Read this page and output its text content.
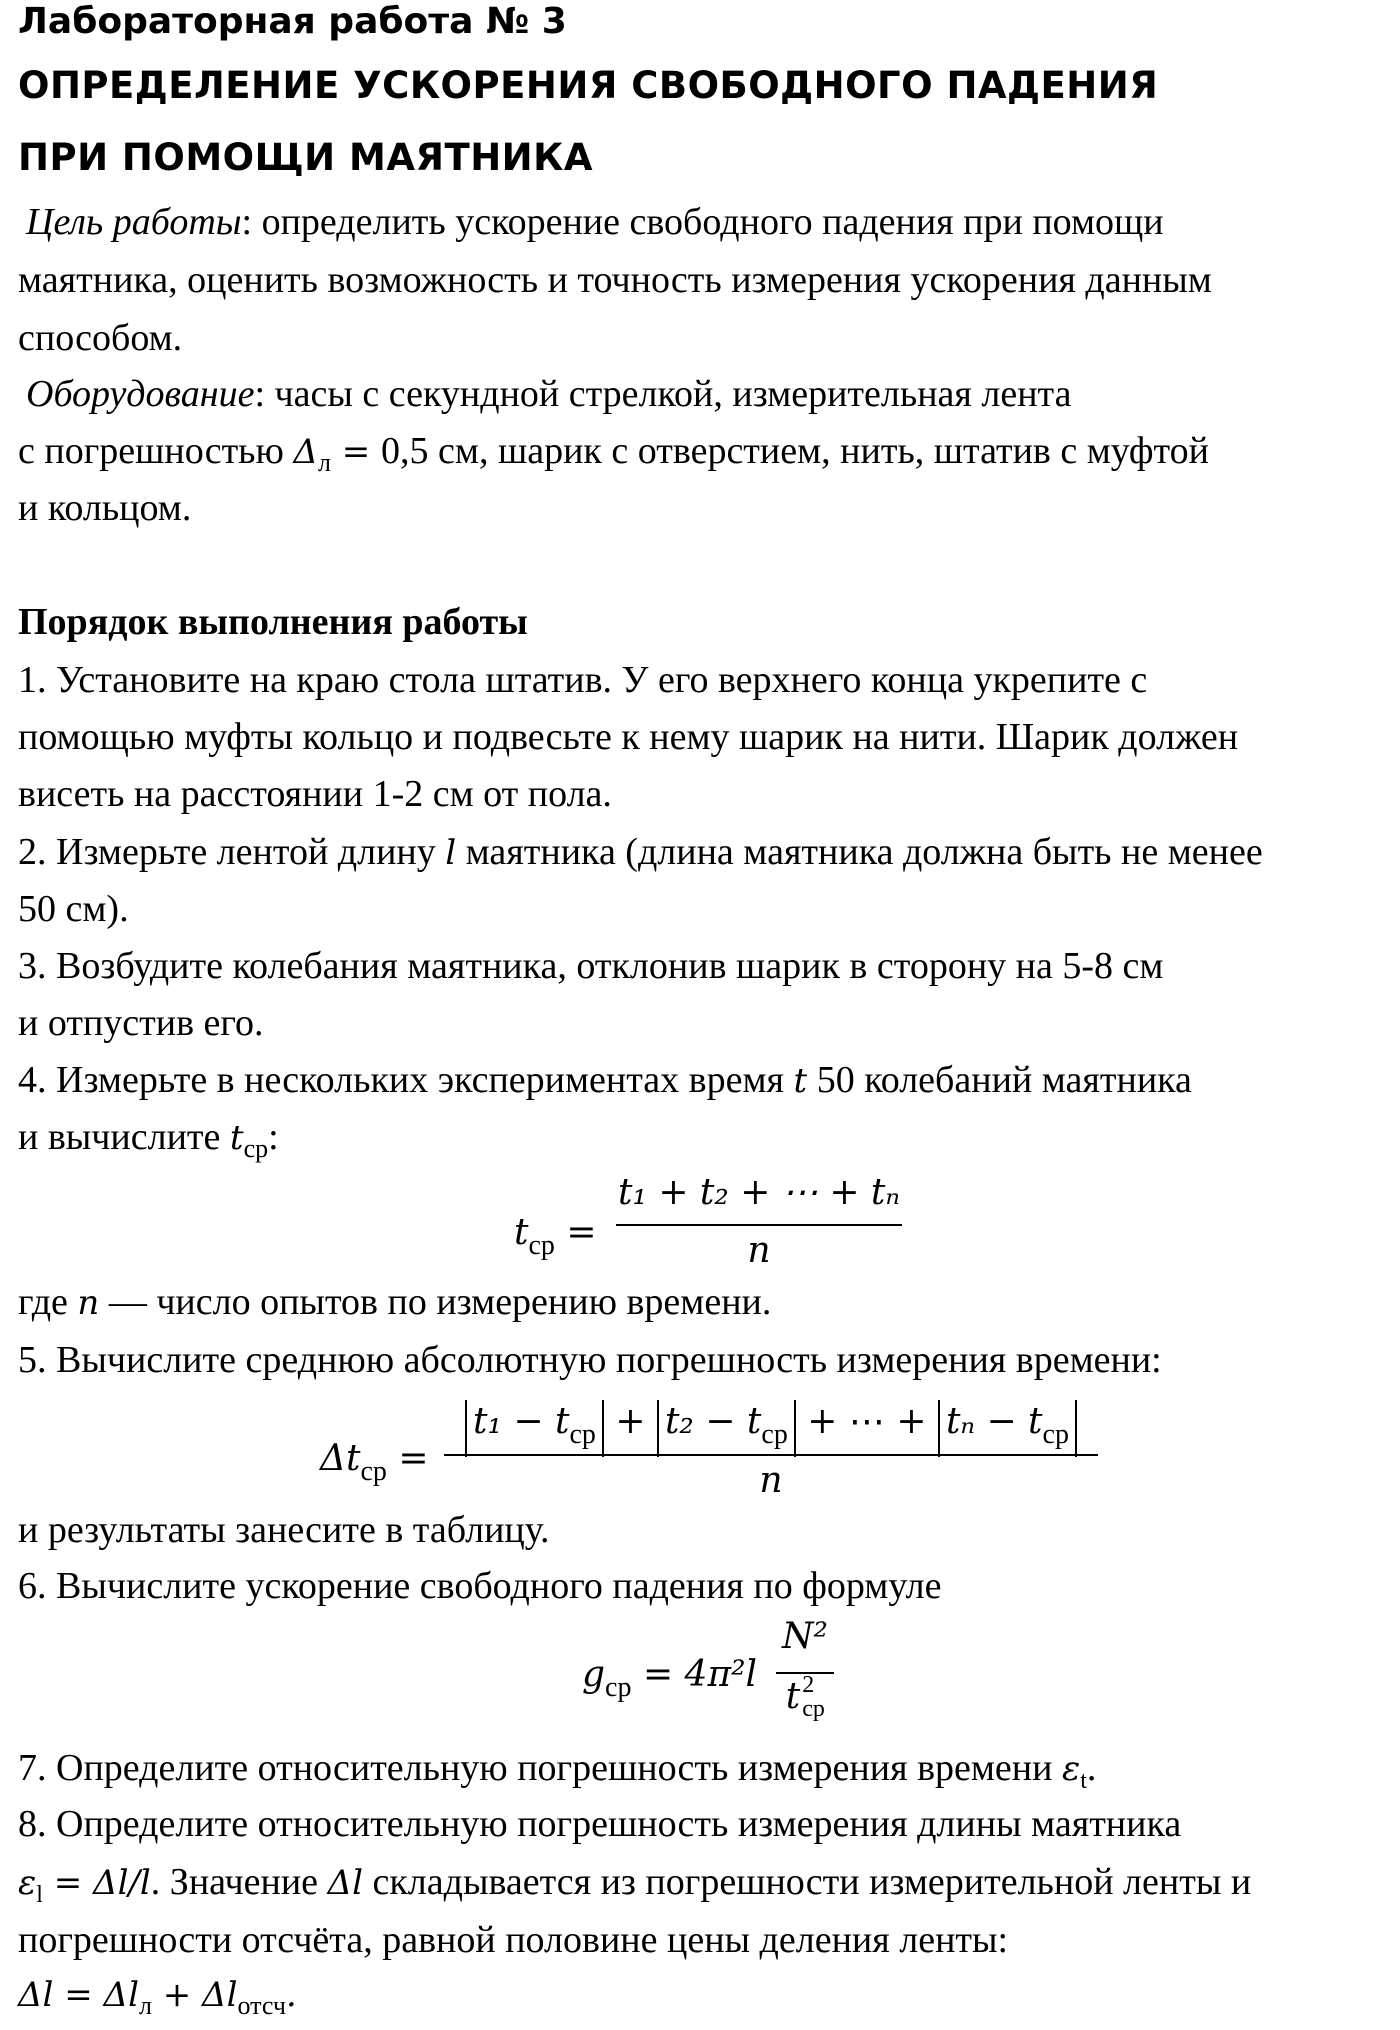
Лабораторная работа № 3
ОПРЕДЕЛЕНИЕ УСКОРЕНИЯ СВОБОДНОГО ПАДЕНИЯ
ПРИ ПОМОЩИ МАЯТНИКА
Цель работы: определить ускорение свободного падения при помощи
маятника, оценить возможность и точность измерения ускорения данным
способом.
Оборудование: часы с секундной стрелкой, измерительная лента
с погрешностью $\Delta_л = 0,5$ см, шарик с отверстием, нить, штатив с муфтой
и кольцом.
Порядок выполнения работы
1. Установите на краю стола штатив. У его верхнего конца укрепите с
помощью муфты кольцо и подвесьте к нему шарик на нити. Шарик должен
висеть на расстоянии 1-2 см от пола.
2. Измерьте лентой длину l маятника (длина маятника должна быть не менее
50 см).
3. Возбудите колебания маятника, отклонив шарик в сторону на 5-8 см
и отпустив его.
4. Измерьте в нескольких экспериментах время t 50 колебаний маятника
и вычислите $t_{ср}$:
$t_{ср}$ =
t₁ + t₂ + ⋯ + tₙ
n
где n — число опытов по измерению времени.
5. Вычислите среднюю абсолютную погрешность измерения времени:
$\Delta t_{ср}$ =
$t_1 - t_{ср} + t_2 - t_{ср}$ + ⋯ + $t_n - t_{ср}$
n
и результаты занесите в таблицу.
6. Вычислите ускорение свободного падения по формуле
$g_{ср} = 4\pi^2l$
N²
t 2
ср
7. Определите относительную погрешность измерения времени $\varepsilon_t$.
8. Определите относительную погрешность измерения длины маятника
$\varepsilon_l = \Delta l/l$. Значение Δl складывается из погрешности измерительной ленты и
погрешности отсчёта, равной половине цены деления ленты:
$\Delta l = \Delta l_л + \Delta l_{отсч}$.
